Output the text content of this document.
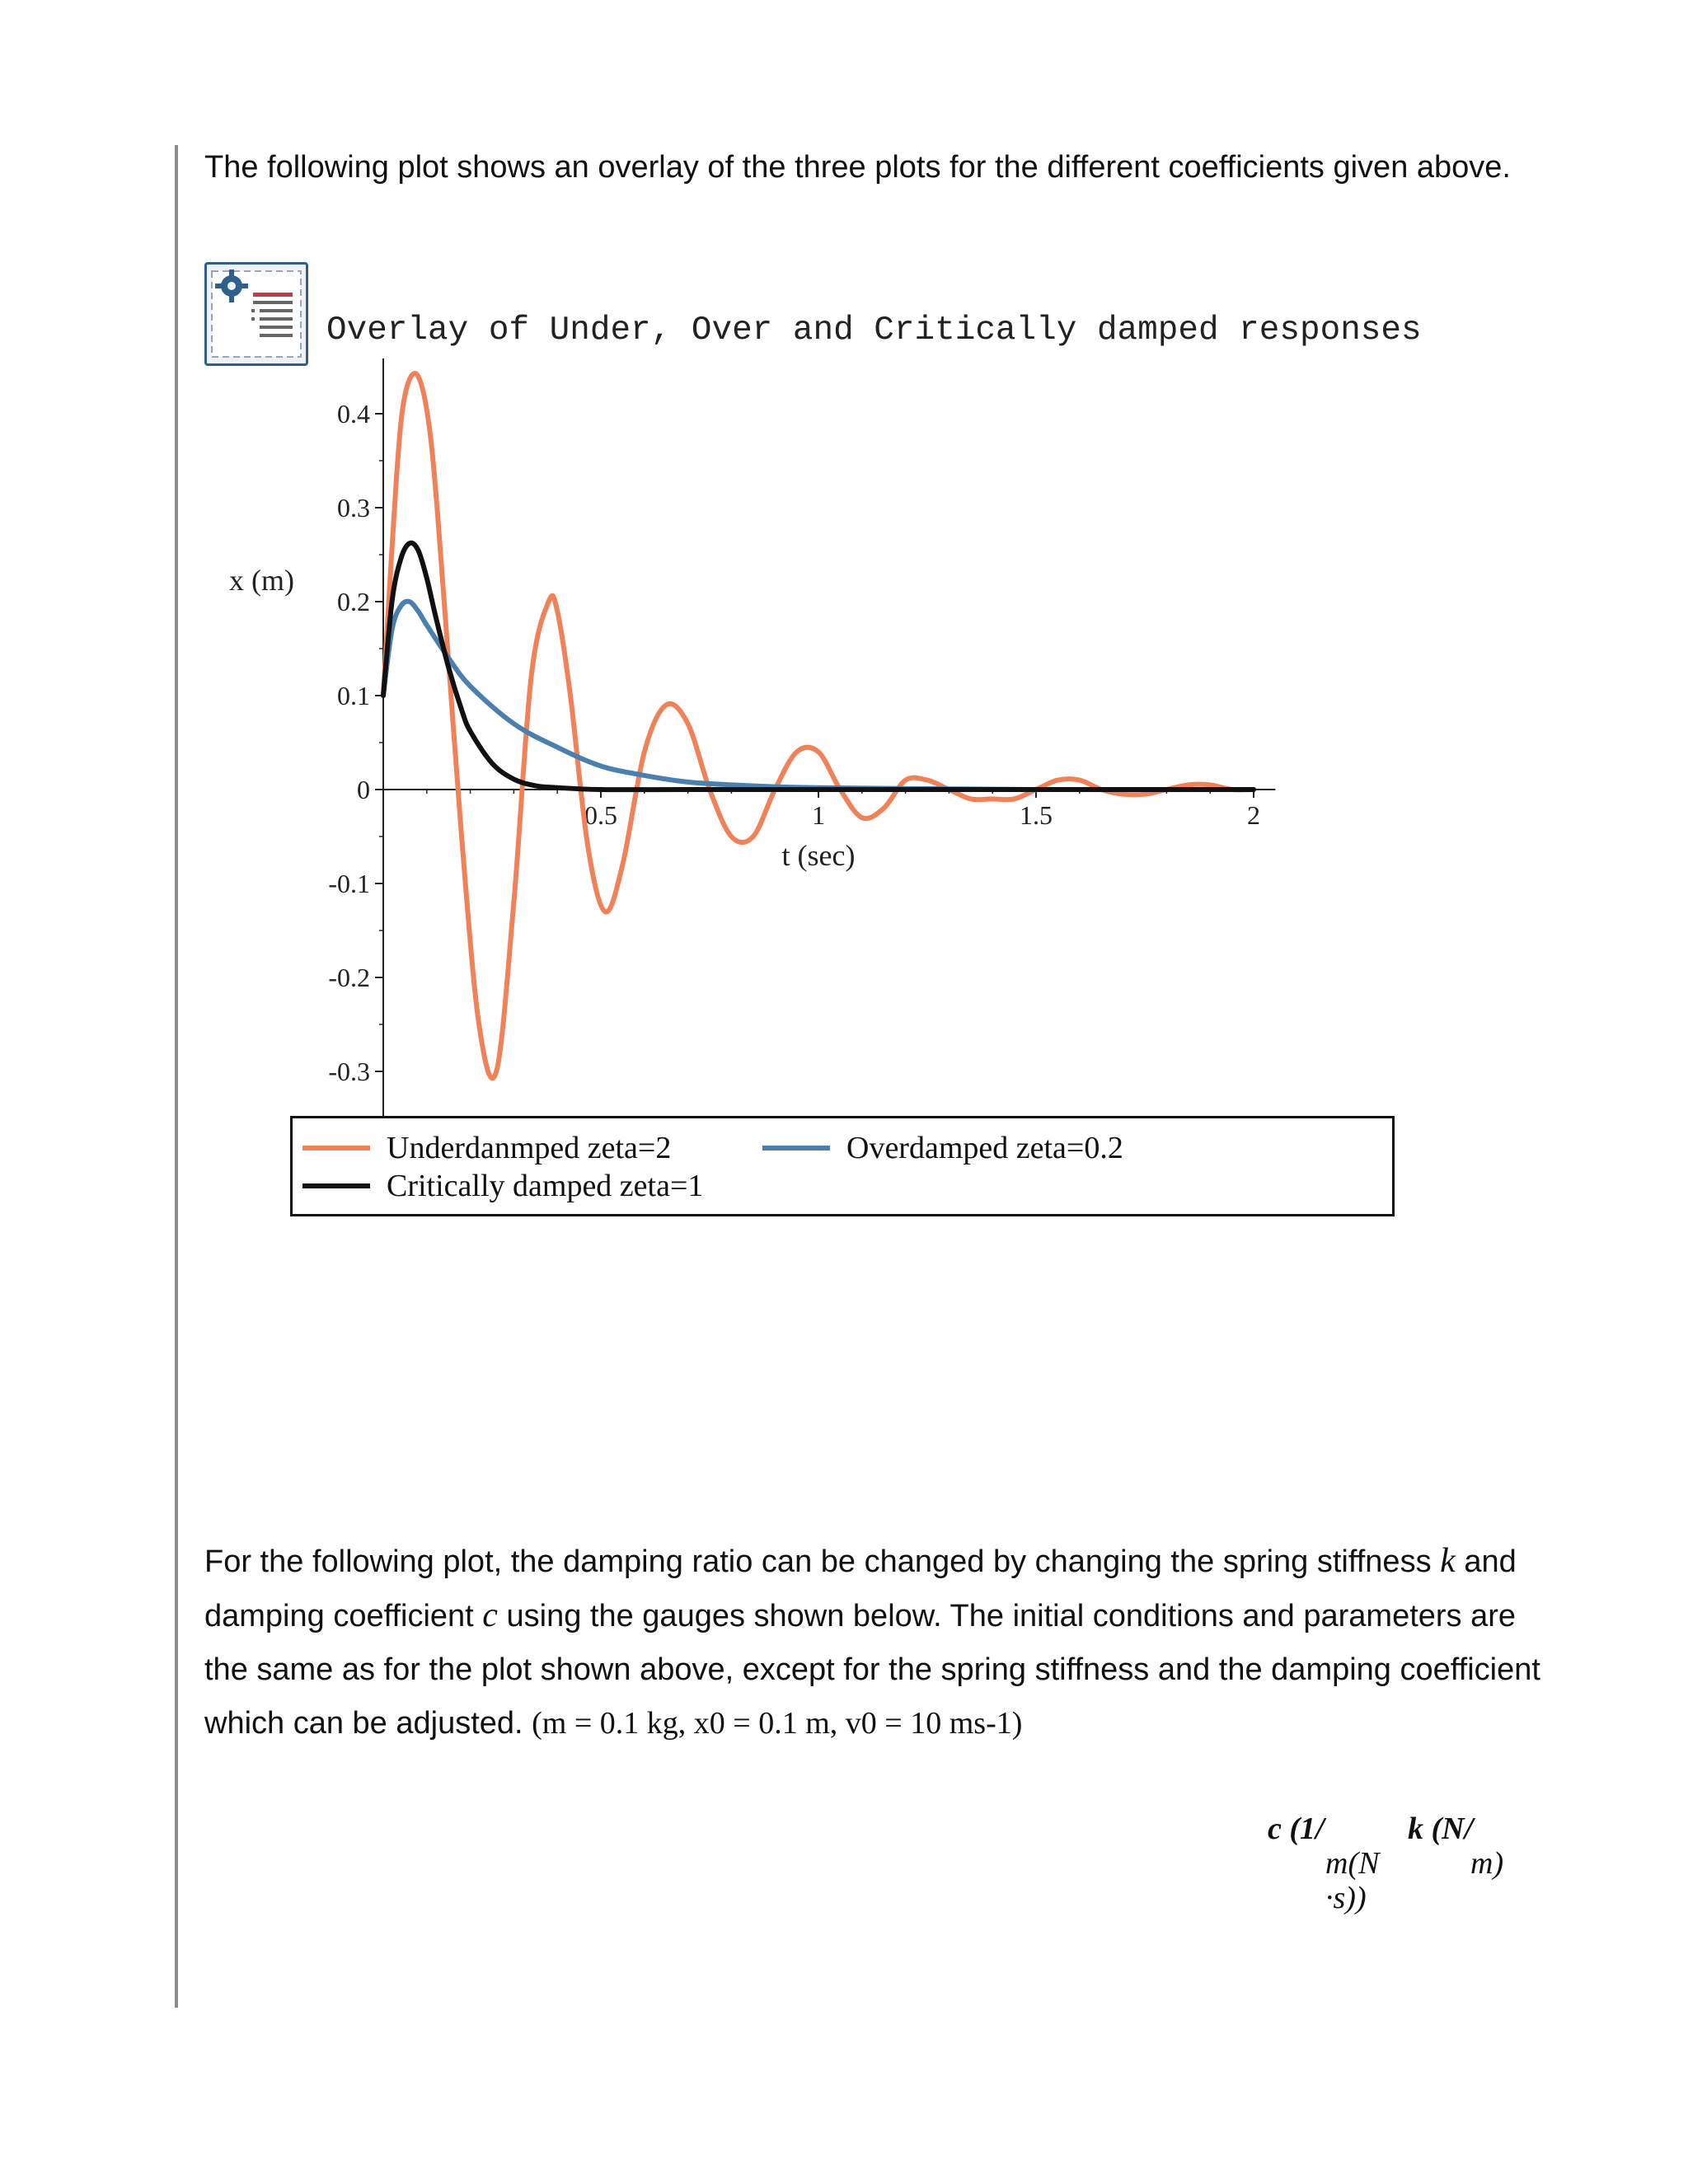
The following plot shows an overlay of the three plots for the different coefficients given above.

Overlay of Under, Over and Critically damped responses
0.4
0.3
0.2
0.1
0
-0.1
-0.2
-0.3
0.5	1	1.5	2
t (sec)
x (m)
Underdanmped zeta=2	Overdamped zeta=0.2
Critically damped zeta=1

For the following plot, the damping ratio can be changed by changing the spring stiffness k and damping coefficient c using the gauges shown below. The initial conditions and parameters are the same as for the plot shown above, except for the spring stiffness and the damping coefficient which can be adjusted. (m = 0.1 kg, x0 = 0.1 m, v0 = 10 ms-1)

c (1/
m(N
·s))
k (N/
m)
